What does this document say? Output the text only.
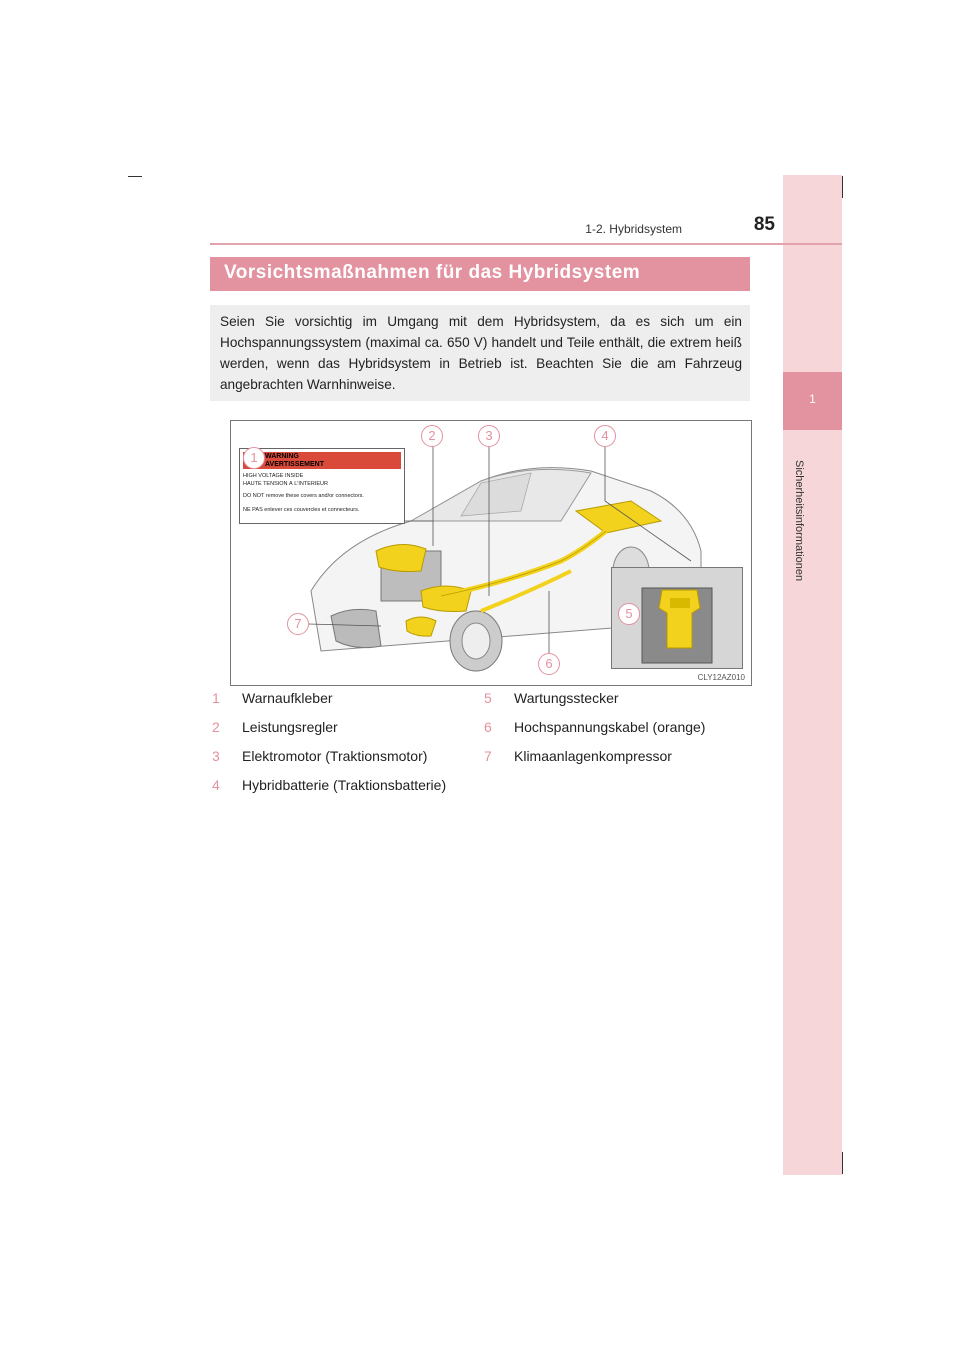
1
Sicherheitsinformationen
1-2. Hybridsystem	85
Vorsichtsmaßnahmen für das Hybridsystem
Seien Sie vorsichtig im Umgang mit dem Hybridsystem, da es sich um ein Hochspannungssystem (maximal ca. 650 V) handelt und Teile enthält, die extrem heiß werden, wenn das Hybridsystem in Betrieb ist. Beachten Sie die am Fahrzeug angebrachten Warnhinweise.
WARNING
AVERTISSEMENT
HIGH VOLTAGE INSIDE
HAUTE TENSION À L'INTÉRIEUR
DO NOT remove these covers and/or connectors.
NE PAS enlever ces couvercles et connecteurs.
1
2	3	4
5
6
7
CLY12AZ010
1 Warnaufkleber
2 Leistungsregler
3 Elektromotor (Traktionsmotor)
4 Hybridbatterie (Traktionsbatterie)
5 Wartungsstecker
6 Hochspannungskabel (orange)
7 Klimaanlagenkompressor
